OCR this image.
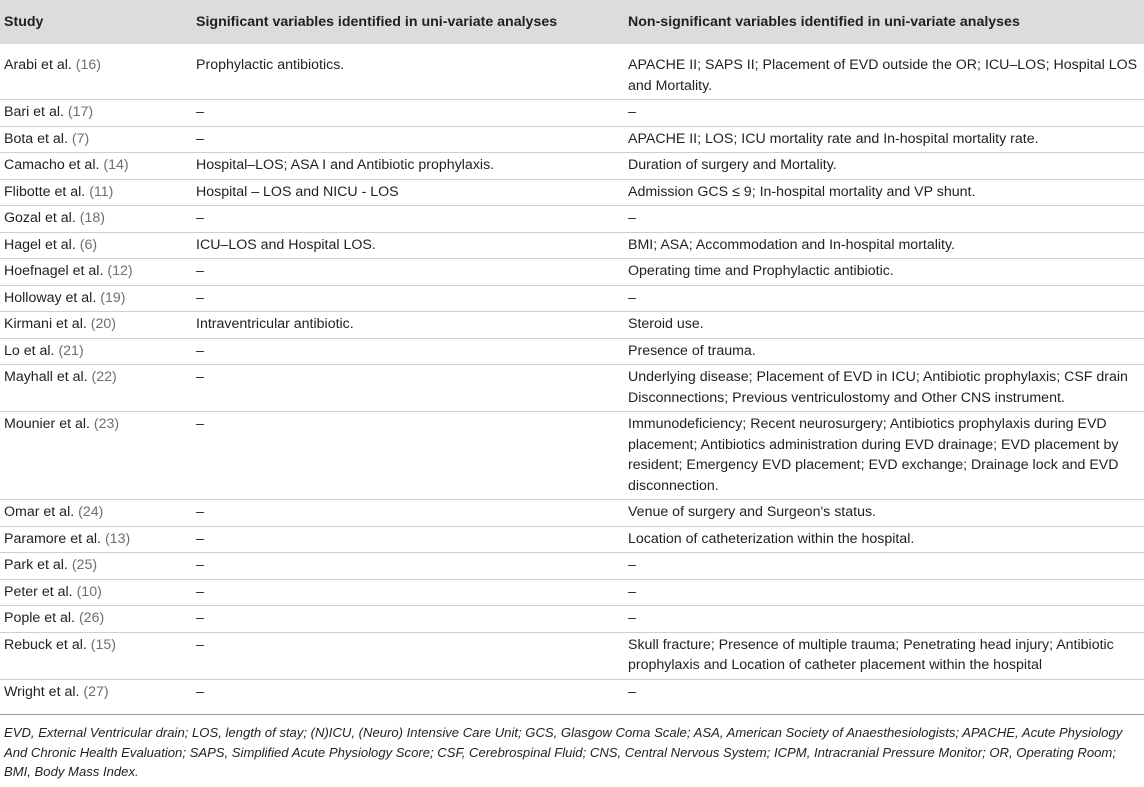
Study	Significant variables identified in uni-variate analyses	Non-significant variables identified in uni-variate analyses
Arabi et al. (16)	Prophylactic antibiotics.	APACHE II; SAPS II; Placement of EVD outside the OR; ICU–LOS; Hospital LOS and Mortality.
Bari et al. (17)	–	–
Bota et al. (7)	–	APACHE II; LOS; ICU mortality rate and In-hospital mortality rate.
Camacho et al. (14)	Hospital–LOS; ASA I and Antibiotic prophylaxis.	Duration of surgery and Mortality.
Flibotte et al. (11)	Hospital – LOS and NICU - LOS	Admission GCS ≤ 9; In-hospital mortality and VP shunt.
Gozal et al. (18)	–	–
Hagel et al. (6)	ICU–LOS and Hospital LOS.	BMI; ASA; Accommodation and In-hospital mortality.
Hoefnagel et al. (12)	–	Operating time and Prophylactic antibiotic.
Holloway et al. (19)	–	–
Kirmani et al. (20)	Intraventricular antibiotic.	Steroid use.
Lo et al. (21)	–	Presence of trauma.
Mayhall et al. (22)	–	Underlying disease; Placement of EVD in ICU; Antibiotic prophylaxis; CSF drain Disconnections; Previous ventriculostomy and Other CNS instrument.
Mounier et al. (23)	–	Immunodeficiency; Recent neurosurgery; Antibiotics prophylaxis during EVD placement; Antibiotics administration during EVD drainage; EVD placement by resident; Emergency EVD placement; EVD exchange; Drainage lock and EVD disconnection.
Omar et al. (24)	–	Venue of surgery and Surgeon's status.
Paramore et al. (13)	–	Location of catheterization within the hospital.
Park et al. (25)	–	–
Peter et al. (10)	–	–
Pople et al. (26)	–	–
Rebuck et al. (15)	–	Skull fracture; Presence of multiple trauma; Penetrating head injury; Antibiotic prophylaxis and Location of catheter placement within the hospital
Wright et al. (27)	–	–
EVD, External Ventricular drain; LOS, length of stay; (N)ICU, (Neuro) Intensive Care Unit; GCS, Glasgow Coma Scale; ASA, American Society of Anaesthesiologists; APACHE, Acute Physiology And Chronic Health Evaluation; SAPS, Simplified Acute Physiology Score; CSF, Cerebrospinal Fluid; CNS, Central Nervous System; ICPM, Intracranial Pressure Monitor; OR, Operating Room; BMI, Body Mass Index.
